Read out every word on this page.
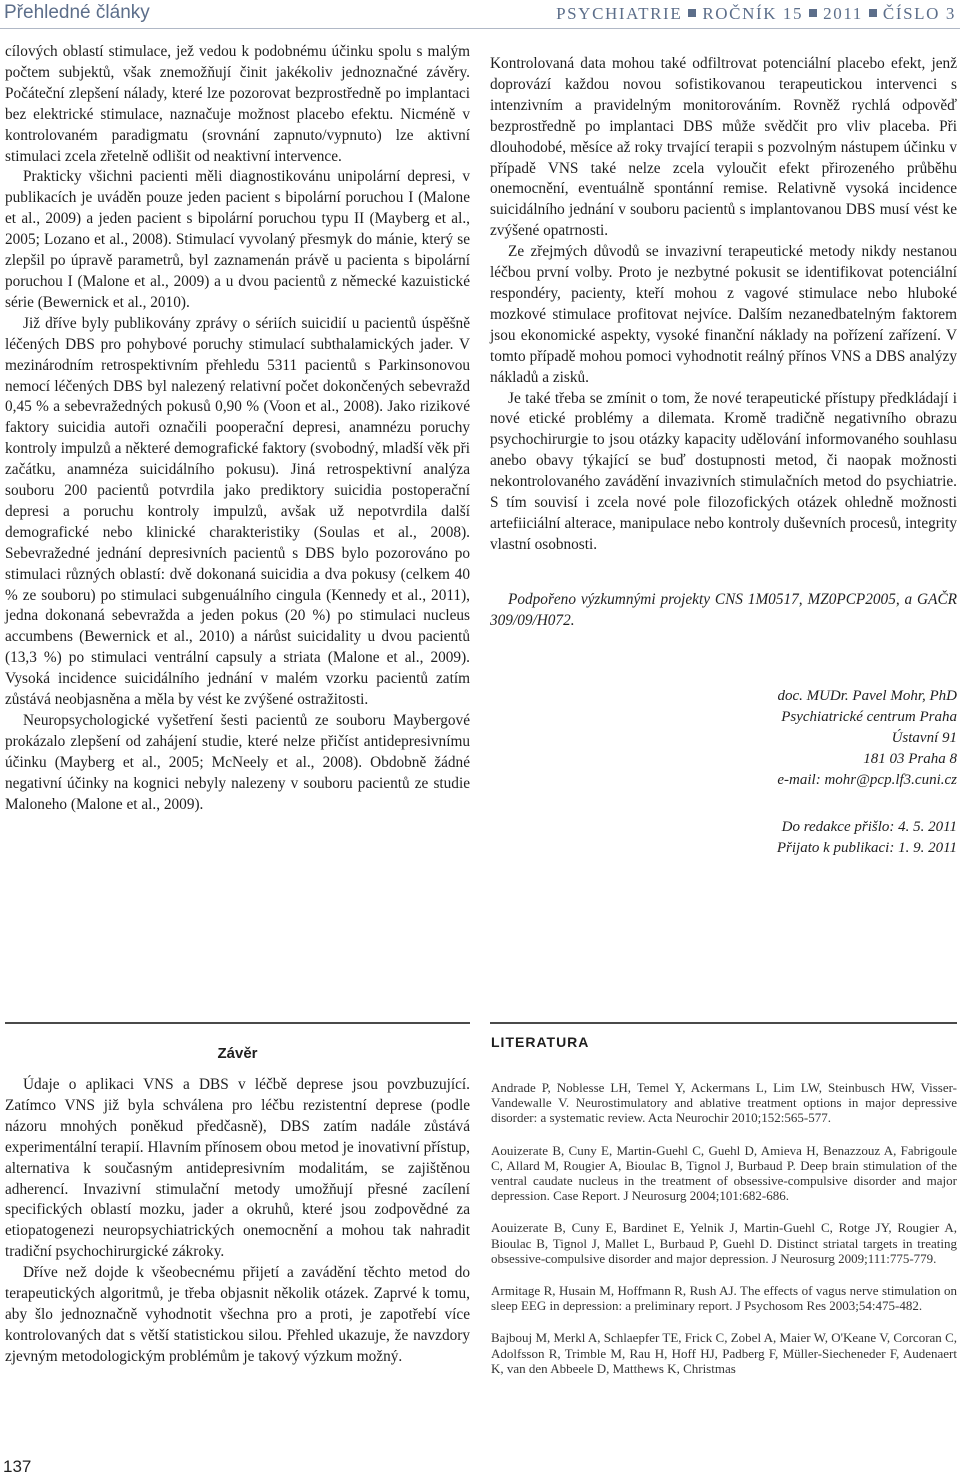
Přehledné články	PSYCHIATRIE ROČNÍK 15 2011 ČÍSLO 3

cílových oblastí stimulace, jež vedou k podobnému účinku spolu s malým počtem subjektů, však znemožňují činit jakékoliv jednoznačné závěry. Počáteční zlepšení nálady, které lze pozorovat bezprostředně po implantaci bez elektrické stimulace, naznačuje možnost placebo efektu. Nicméně v kontrolovaném paradigmatu (srovnání zapnuto/vypnuto) lze aktivní stimulaci zcela zřetelně odlišit od neaktivní intervence.

Prakticky všichni pacienti měli diagnostikovánu unipolární depresi, v publikacích je uváděn pouze jeden pacient s bipolární poruchou I (Malone et al., 2009) a jeden pacient s bipolární poruchou typu II (Mayberg et al., 2005; Lozano et al., 2008). Stimulací vyvolaný přesmyk do mánie, který se zlepšil po úpravě parametrů, byl zaznamenán právě u pacienta s bipolární poruchou I (Malone et al., 2009) a u dvou pacientů z německé kazuistické série (Bewernick et al., 2010).

Již dříve byly publikovány zprávy o sériích suicidií u pacientů úspěšně léčených DBS pro pohybové poruchy stimulací subthalamických jader. V mezinárodním retrospektivním přehledu 5311 pacientů s Parkinsonovou nemocí léčených DBS byl nalezený relativní počet dokončených sebevražd 0,45 % a sebevražedných pokusů 0,90 % (Voon et al., 2008). Jako rizikové faktory suicidia autoři označili pooperační depresi, anamnézu poruchy kontroly impulzů a některé demografické faktory (svobodný, mladší věk při začátku, anamnéza suicidálního pokusu). Jiná retrospektivní analýza souboru 200 pacientů potvrdila jako prediktory suicidia postoperační depresi a poruchu kontroly impulzů, avšak už nepotvrdila další demografické nebo klinické charakteristiky (Soulas et al., 2008). Sebevražedné jednání depresivních pacientů s DBS bylo pozorováno po stimulaci různých oblastí: dvě dokonaná suicidia a dva pokusy (celkem 40 % ze souboru) po stimulaci subgenuálního cingula (Kennedy et al., 2011), jedna dokonaná sebevražda a jeden pokus (20 %) po stimulaci nucleus accumbens (Bewernick et al., 2010) a nárůst suicidality u dvou pacientů (13,3 %) po stimulaci ventrální capsuly a striata (Malone et al., 2009). Vysoká incidence suicidálního jednání v malém vzorku pacientů zatím zůstává neobjasněna a měla by vést ke zvýšené ostražitosti.

Neuropsychologické vyšetření šesti pacientů ze souboru Maybergové prokázalo zlepšení od zahájení studie, které nelze přičíst antidepresivnímu účinku (Mayberg et al., 2005; McNeely et al., 2008). Obdobně žádné negativní účinky na kognici nebyly nalezeny v souboru pacientů ze studie Maloneho (Malone et al., 2009).

Kontrolovaná data mohou také odfiltrovat potenciální placebo efekt, jenž doprovází každou novou sofistikovanou terapeutickou intervenci s intenzivním a pravidelným monitorováním. Rovněž rychlá odpověď bezprostředně po implantaci DBS může svědčit pro vliv placeba. Při dlouhodobé, měsíce až roky trvající terapii s pozvolným nástupem účinku v případě VNS také nelze zcela vyloučit efekt přirozeného průběhu onemocnění, eventuálně spontánní remise. Relativně vysoká incidence suicidálního jednání v souboru pacientů s implantovanou DBS musí vést ke zvýšené opatrnosti.

Ze zřejmých důvodů se invazivní terapeutické metody nikdy nestanou léčbou první volby. Proto je nezbytné pokusit se identifikovat potenciální respondéry, pacienty, kteří mohou z vagové stimulace nebo hluboké mozkové stimulace profitovat nejvíce. Dalším nezanedbatelným faktorem jsou ekonomické aspekty, vysoké finanční náklady na pořízení zařízení. V tomto případě mohou pomoci vyhodnotit reálný přínos VNS a DBS analýzy nákladů a zisků.

Je také třeba se zmínit o tom, že nové terapeutické přístupy předkládají i nové etické problémy a dilemata. Kromě tradičně negativního obrazu psychochirurgie to jsou otázky kapacity udělování informovaného souhlasu anebo obavy týkající se buď dostupnosti metod, či naopak možnosti nekontrolovaného zavádění invazivních stimulačních metod do psychiatrie. S tím souvisí i zcela nové pole filozofických otázek ohledně možnosti artefiiciální alterace, manipulace nebo kontroly duševních procesů, integrity vlastní osobnosti.

Podpořeno výzkumnými projekty CNS 1M0517, MZ0PCP2005, a GAČR 309/09/H072.

doc. MUDr. Pavel Mohr, PhD
Psychiatrické centrum Praha
Ústavní 91
181 03 Praha 8
e-mail: mohr@pcp.lf3.cuni.cz
Do redakce přišlo: 4. 5. 2011
Přijato k publikaci: 1. 9. 2011
Závěr

Údaje o aplikaci VNS a DBS v léčbě deprese jsou povzbuzující. Zatímco VNS již byla schválena pro léčbu rezistentní deprese (podle názoru mnohých poněkud předčasně), DBS zatím nadále zůstává experimentální terapií. Hlavním přínosem obou metod je inovativní přístup, alternativa k současným antidepresivním modalitám, se zajištěnou adherencí. Invazivní stimulační metody umožňují přesné zacílení specifických oblastí mozku, jader a okruhů, které jsou zodpovědné za etiopatogenezi neuropsychiatrických onemocnění a mohou tak nahradit tradiční psychochirurgické zákroky.

Dříve než dojde k všeobecnému přijetí a zavádění těchto metod do terapeutických algoritmů, je třeba objasnit několik otázek. Zaprvé k tomu, aby šlo jednoznačně vyhodnotit všechna pro a proti, je zapotřebí více kontrolovaných dat s větší statistickou silou. Přehled ukazuje, že navzdory zjevným metodologickým problémům je takový výzkum možný.

LITERATURA

Andrade P, Noblesse LH, Temel Y, Ackermans L, Lim LW, Steinbusch HW, Visser-Vandewalle V. Neurostimulatory and ablative treatment options in major depressive disorder: a systematic review. Acta Neurochir 2010;152:565-577.

Aouizerate B, Cuny E, Martin-Guehl C, Guehl D, Amieva H, Benazzouz A, Fabrigoule C, Allard M, Rougier A, Bioulac B, Tignol J, Burbaud P. Deep brain stimulation of the ventral caudate nucleus in the treatment of obsessive-compulsive disorder and major depression. Case Report. J Neurosurg 2004;101:682-686.

Aouizerate B, Cuny E, Bardinet E, Yelnik J, Martin-Guehl C, Rotge JY, Rougier A, Bioulac B, Tignol J, Mallet L, Burbaud P, Guehl D. Distinct striatal targets in treating obsessive-compulsive disorder and major depression. J Neurosurg 2009;111:775-779.

Armitage R, Husain M, Hoffmann R, Rush AJ. The effects of vagus nerve stimulation on sleep EEG in depression: a preliminary report. J Psychosom Res 2003;54:475-482.

Bajbouj M, Merkl A, Schlaepfer TE, Frick C, Zobel A, Maier W, O'Keane V, Corcoran C, Adolfsson R, Trimble M, Rau H, Hoff HJ, Padberg F, Müller-Siecheneder F, Audenaert K, van den Abbeele D, Matthews K, Christmas

137
